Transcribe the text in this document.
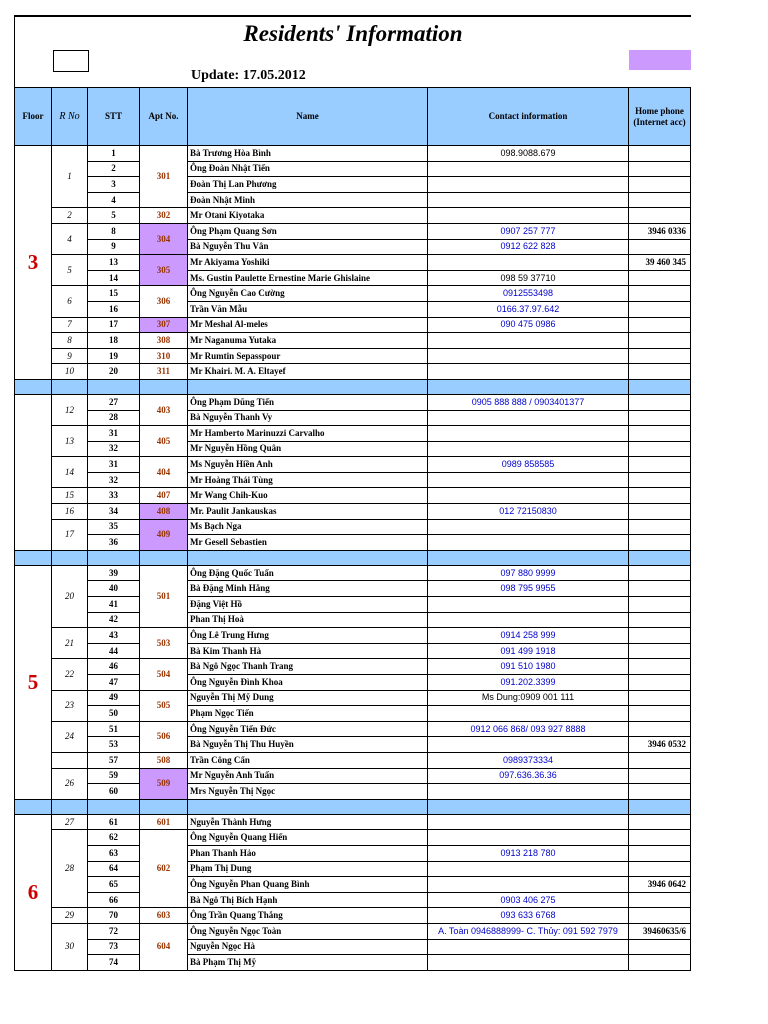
Residents' Information
Update: 17.05.2012
Floor	R No	STT	Apt No.	Name	Contact information	Home phone (Internet acc)
3	1	1	301	Bà Trương Hòa Bình	098.9088.679	
		2		Ông Đoàn Nhật Tiến		
		3		Đoàn Thị Lan Phương		
		4		Đoàn Nhật Minh		
	2	5	302	Mr Otani Kiyotaka		
	4	8	304	Ông Phạm Quang Sơn	0907 257 777	3946 0336
		9		Bà Nguyễn Thu Vân	0912 622 828	
	5	13	305	Mr Akiyama Yoshiki		39 460 345
		14		Ms. Gustin Paulette Ernestine Marie Ghislaine	098 59 37710	
	6	15	306	Ông Nguyễn Cao Cường	0912553498	
		16		Trần Văn Mẫu	0166.37.97.642	
	7	17	307	Mr Meshal Al-meles	090 475 0986	
	8	18	308	Mr Naganuma Yutaka		
	9	19	310	Mr Rumtin Sepasspour		
	10	20	311	Mr Khairi. M. A. Eltayef		

	12	27	403	Ông Phạm Dũng Tiến	0905 888 888 / 0903401377	
		28		Bà Nguyễn Thanh Vy		
	13	31	405	Mr Hamberto Marinuzzi Carvalho		
		32		Mr Nguyễn Hồng Quân		
	14	31	404	Ms Nguyễn Hiền Anh	0989 858585	
		32		Mr Hoàng Thái Tùng		
	15	33	407	Mr Wang Chih-Kuo		
	16	34	408	Mr. Paulit Jankauskas	012 72150830	
	17	35	409	Ms Bạch Nga		
		36		Mr Gesell Sebastien		

5	20	39	501	Ông Đặng Quốc Tuấn	097 880 9999	
		40		Bà Đặng Minh Hằng	098 795 9955	
		41		Đặng Việt Hồ		
		42		Phan Thị Hoà		
	21	43	503	Ông Lê Trung Hưng	0914 258 999	
		44		Bà Kim Thanh Hà	091 499 1918	
	22	46	504	Bà Ngô Ngọc Thanh Trang	091 510 1980	
		47		Ông Nguyễn Đình Khoa	091.202.3399	
	23	49	505	Nguyễn Thị Mỹ Dung	Ms Dung:0909 001 111	
		50		Phạm Ngọc Tiến		
	24	51	506	Ông Nguyễn Tiến Đức	0912 066 868/ 093 927 8888	
		53		Bà Nguyễn Thị Thu Huyền		3946 0532
		57	508	Trần Công Cẩn	0989373334	
	26	59	509	Mr Nguyễn Anh Tuấn	097.636.36.36	
		60		Mrs Nguyễn Thị Ngọc		

6	27	61	601	Nguyễn Thành Hưng		
	28	62	602	Ông Nguyễn Quang Hiển		
		63		Phan Thanh Hảo	0913 218 780	
		64		Phạm Thị Dung		
		65		Ông Nguyễn Phan Quang Bình		3946 0642
		66		Bà Ngô Thị Bích Hạnh	0903 406 275	
	29	70	603	Ông Trần Quang Thắng	093 633 6768	
	30	72	604	Ông Nguyễn Ngọc Toàn	A. Toàn 0946888999- C. Thủy: 091 592 7979	39460635/6
		73		Nguyễn Ngọc Hà		
		74		Bà Phạm Thị Mỹ		
